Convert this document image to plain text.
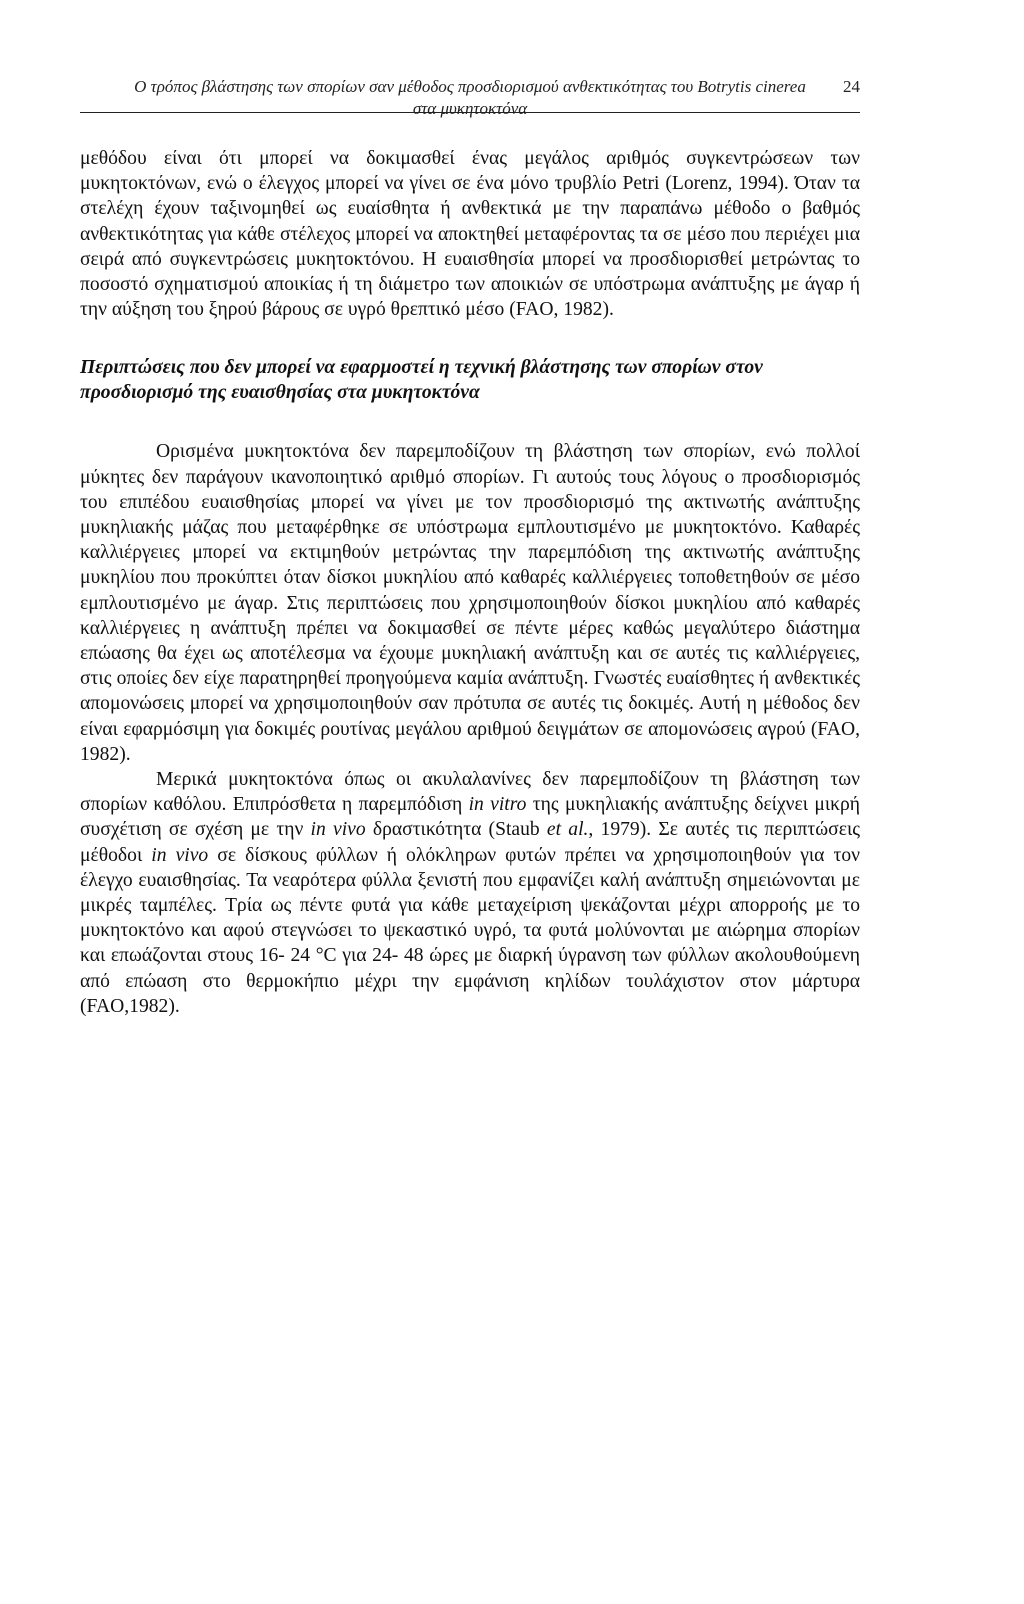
Ο τρόπος βλάστησης των σπορίων σαν μέθοδος προσδιορισμού ανθεκτικότητας του Botrytis cinerea
στα μυκητοκτόνα
24

μεθόδου είναι ότι μπορεί να δοκιμασθεί ένας μεγάλος αριθμός συγκεντρώσεων των μυκητοκτόνων, ενώ ο έλεγχος μπορεί να γίνει σε ένα μόνο τρυβλίο Petri (Lorenz, 1994). Όταν τα στελέχη έχουν ταξινομηθεί ως ευαίσθητα ή ανθεκτικά με την παραπάνω μέθοδο ο βαθμός ανθεκτικότητας για κάθε στέλεχος μπορεί να αποκτηθεί μεταφέροντας τα σε μέσο που περιέχει μια σειρά από συγκεντρώσεις μυκητοκτόνου. Η ευαισθησία μπορεί να προσδιορισθεί μετρώντας το ποσοστό σχηματισμού αποικίας ή τη διάμετρο των αποικιών σε υπόστρωμα ανάπτυξης με άγαρ ή την αύξηση του ξηρού βάρους σε υγρό θρεπτικό μέσο (FAO, 1982).

Περιπτώσεις που δεν μπορεί να εφαρμοστεί η τεχνική βλάστησης των σπορίων στον προσδιορισμό της ευαισθησίας στα μυκητοκτόνα

Ορισμένα μυκητοκτόνα δεν παρεμποδίζουν τη βλάστηση των σπορίων, ενώ πολλοί μύκητες δεν παράγουν ικανοποιητικό αριθμό σπορίων. Γι αυτούς τους λόγους ο προσδιορισμός του επιπέδου ευαισθησίας μπορεί να γίνει με τον προσδιορισμό της ακτινωτής ανάπτυξης μυκηλιακής μάζας που μεταφέρθηκε σε υπόστρωμα εμπλουτισμένο με μυκητοκτόνο. Καθαρές καλλιέργειες μπορεί να εκτιμηθούν μετρώντας την παρεμπόδιση της ακτινωτής ανάπτυξης μυκηλίου που προκύπτει όταν δίσκοι μυκηλίου από καθαρές καλλιέργειες τοποθετηθούν σε μέσο εμπλουτισμένο με άγαρ. Στις περιπτώσεις που χρησιμοποιηθούν δίσκοι μυκηλίου από καθαρές καλλιέργειες η ανάπτυξη πρέπει να δοκιμασθεί σε πέντε μέρες καθώς μεγαλύτερο διάστημα επώασης θα έχει ως αποτέλεσμα να έχουμε μυκηλιακή ανάπτυξη και σε αυτές τις καλλιέργειες, στις οποίες δεν είχε παρατηρηθεί προηγούμενα καμία ανάπτυξη. Γνωστές ευαίσθητες ή ανθεκτικές απομονώσεις μπορεί να χρησιμοποιηθούν σαν πρότυπα σε αυτές τις δοκιμές. Αυτή η μέθοδος δεν είναι εφαρμόσιμη για δοκιμές ρουτίνας μεγάλου αριθμού δειγμάτων σε απομονώσεις αγρού (FAO, 1982).

Μερικά μυκητοκτόνα όπως οι ακυλαλανίνες δεν παρεμποδίζουν τη βλάστηση των σπορίων καθόλου. Επιπρόσθετα η παρεμπόδιση in vitro της μυκηλιακής ανάπτυξης δείχνει μικρή συσχέτιση σε σχέση με την in vivo δραστικότητα (Staub et al., 1979). Σε αυτές τις περιπτώσεις μέθοδοι in vivo σε δίσκους φύλλων ή ολόκληρων φυτών πρέπει να χρησιμοποιηθούν για τον έλεγχο ευαισθησίας. Τα νεαρότερα φύλλα ξενιστή που εμφανίζει καλή ανάπτυξη σημειώνονται με μικρές ταμπέλες. Τρία ως πέντε φυτά για κάθε μεταχείριση ψεκάζονται μέχρι απορροής με το μυκητοκτόνο και αφού στεγνώσει το ψεκαστικό υγρό, τα φυτά μολύνονται με αιώρημα σπορίων και επωάζονται στους 16- 24 °C για 24- 48 ώρες με διαρκή ύγρανση των φύλλων ακολουθούμενη από επώαση στο θερμοκήπιο μέχρι την εμφάνιση κηλίδων τουλάχιστον στον μάρτυρα (FAO,1982).
